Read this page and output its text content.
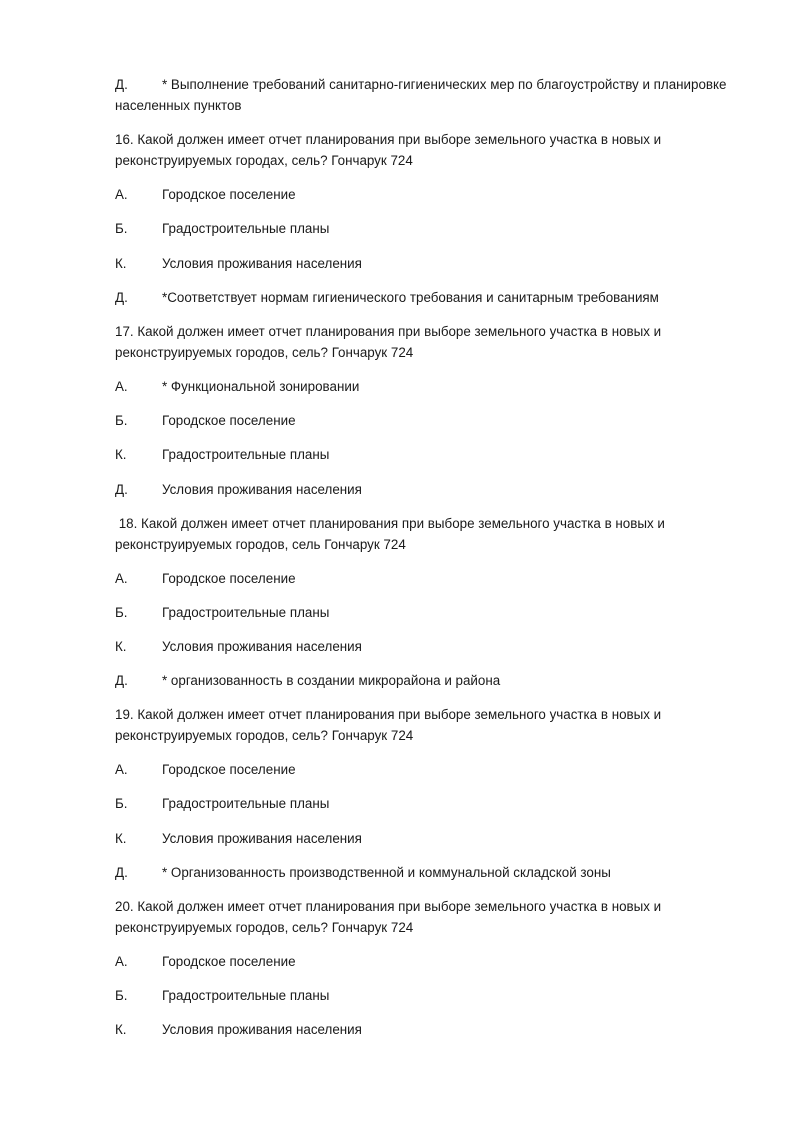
Д.	* Выполнение требований санитарно-гигиенических мер по благоустройству и планировке
населенных пунктов
16. Какой должен имеет отчет планирования при выборе земельного участка в новых и
реконструируемых городах, сель? Гончарук 724
А.	Городское поселение
Б.	Градостроительные планы
К.	Условия проживания населения
Д.	*Соответствует нормам гигиенического требования и санитарным требованиям
17. Какой должен имеет отчет планирования при выборе земельного участка в новых и
реконструируемых городов, сель? Гончарук 724
А.	* Функциональной зонировании
Б.	Городское поселение
К.	Градостроительные планы
Д.	Условия проживания населения
18. Какой должен имеет отчет планирования при выборе земельного участка в новых и
реконструируемых городов, сель Гончарук 724
А.	Городское поселение
Б.	Градостроительные планы
К.	Условия проживания населения
Д.	* организованность в создании микрорайона и района
19. Какой должен имеет отчет планирования при выборе земельного участка в новых и
реконструируемых городов, сель? Гончарук 724
А.	Городское поселение
Б.	Градостроительные планы
К.	Условия проживания населения
Д.	* Организованность производственной и коммунальной складской зоны
20. Какой должен имеет отчет планирования при выборе земельного участка в новых и
реконструируемых городов, сель? Гончарук 724
А.	Городское поселение
Б.	Градостроительные планы
К.	Условия проживания населения
